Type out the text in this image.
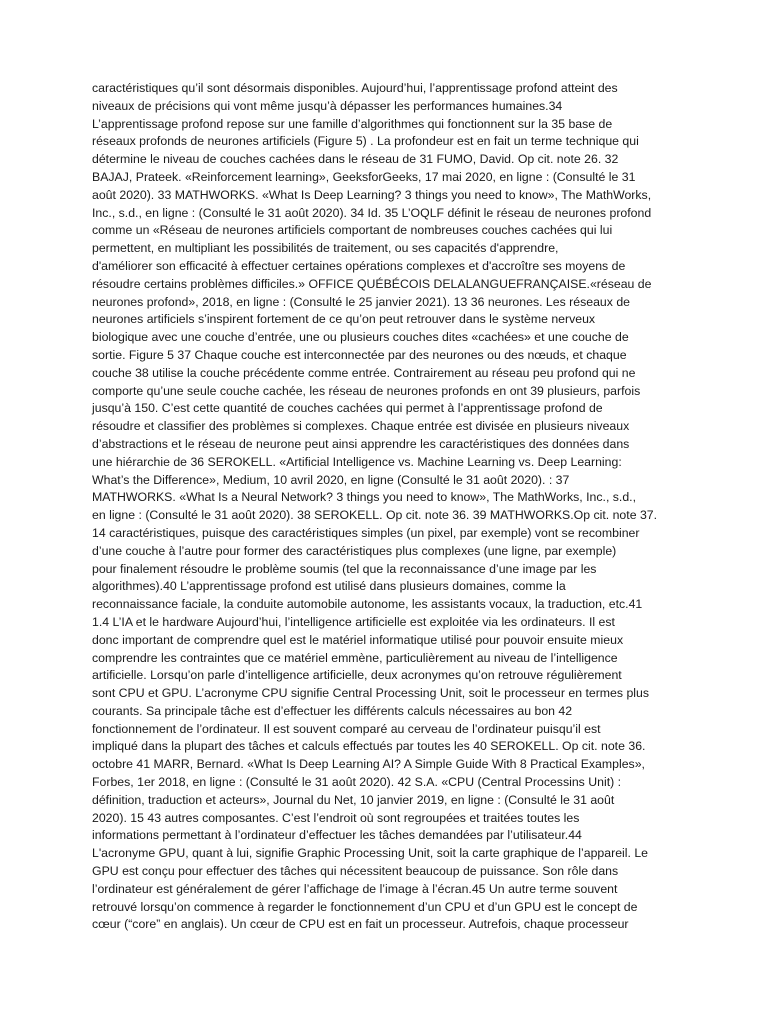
caractéristiques qu’il sont désormais disponibles. Aujourd’hui, l’apprentissage profond atteint des
niveaux de précisions qui vont même jusqu’à dépasser les performances humaines.34
L’apprentissage profond repose sur une famille d’algorithmes qui fonctionnent sur la 35 base de
réseaux profonds de neurones artificiels (Figure 5) . La profondeur est en fait un terme technique qui
détermine le niveau de couches cachées dans le réseau de 31 FUMO, David. Op cit. note 26. 32
BAJAJ, Prateek. «Reinforcement learning», GeeksforGeeks, 17 mai 2020, en ligne : (Consulté le 31
août 2020). 33 MATHWORKS. «What Is Deep Learning? 3 things you need to know», The MathWorks,
Inc., s.d., en ligne : (Consulté le 31 août 2020). 34 Id. 35 L’OQLF définit le réseau de neurones profond
comme un «Réseau de neurones artificiels comportant de nombreuses couches cachées qui lui
permettent, en multipliant les possibilités de traitement, ou ses capacités d'apprendre,
d'améliorer son efficacité à effectuer certaines opérations complexes et d'accroître ses moyens de
résoudre certains problèmes difficiles.» OFFICE QUÉBÉCOIS DELALANGUEFRANÇAISE.«réseau de
neurones profond», 2018, en ligne : (Consulté le 25 janvier 2021). 13 36 neurones. Les réseaux de
neurones artificiels s’inspirent fortement de ce qu’on peut retrouver dans le système nerveux
biologique avec une couche d’entrée, une ou plusieurs couches dites «cachées» et une couche de
sortie. Figure 5 37 Chaque couche est interconnectée par des neurones ou des nœuds, et chaque
couche 38 utilise la couche précédente comme entrée. Contrairement au réseau peu profond qui ne
comporte qu’une seule couche cachée, les réseau de neurones profonds en ont 39 plusieurs, parfois
jusqu’à 150. C’est cette quantité de couches cachées qui permet à l’apprentissage profond de
résoudre et classifier des problèmes si complexes. Chaque entrée est divisée en plusieurs niveaux
d’abstractions et le réseau de neurone peut ainsi apprendre les caractéristiques des données dans
une hiérarchie de 36 SEROKELL. «Artificial Intelligence vs. Machine Learning vs. Deep Learning:
What’s the Difference», Medium, 10 avril 2020, en ligne (Consulté le 31 août 2020). : 37
MATHWORKS. «What Is a Neural Network? 3 things you need to know», The MathWorks, Inc., s.d.,
en ligne : (Consulté le 31 août 2020). 38 SEROKELL. Op cit. note 36. 39 MATHWORKS.Op cit. note 37.
14 caractéristiques, puisque des caractéristiques simples (un pixel, par exemple) vont se recombiner
d’une couche à l’autre pour former des caractéristiques plus complexes (une ligne, par exemple)
pour finalement résoudre le problème soumis (tel que la reconnaissance d’une image par les
algorithmes).40 L’apprentissage profond est utilisé dans plusieurs domaines, comme la
reconnaissance faciale, la conduite automobile autonome, les assistants vocaux, la traduction, etc.41
1.4 L’IA et le hardware Aujourd’hui, l’intelligence artificielle est exploitée via les ordinateurs. Il est
donc important de comprendre quel est le matériel informatique utilisé pour pouvoir ensuite mieux
comprendre les contraintes que ce matériel emmène, particulièrement au niveau de l’intelligence
artificielle. Lorsqu’on parle d’intelligence artificielle, deux acronymes qu’on retrouve régulièrement
sont CPU et GPU. L’acronyme CPU signifie Central Processing Unit, soit le processeur en termes plus
courants. Sa principale tâche est d’effectuer les différents calculs nécessaires au bon 42
fonctionnement de l’ordinateur. Il est souvent comparé au cerveau de l’ordinateur puisqu’il est
impliqué dans la plupart des tâches et calculs effectués par toutes les 40 SEROKELL. Op cit. note 36.
octobre 41 MARR, Bernard. «What Is Deep Learning AI? A Simple Guide With 8 Practical Examples»,
Forbes, 1er 2018, en ligne : (Consulté le 31 août 2020). 42 S.A. «CPU (Central Processins Unit) :
définition, traduction et acteurs», Journal du Net, 10 janvier 2019, en ligne : (Consulté le 31 août
2020). 15 43 autres composantes. C’est l’endroit où sont regroupées et traitées toutes les
informations permettant à l’ordinateur d’effectuer les tâches demandées par l’utilisateur.44
L'acronyme GPU, quant à lui, signifie Graphic Processing Unit, soit la carte graphique de l’appareil. Le
GPU est conçu pour effectuer des tâches qui nécessitent beaucoup de puissance. Son rôle dans
l’ordinateur est généralement de gérer l’affichage de l’image à l’écran.45 Un autre terme souvent
retrouvé lorsqu’on commence à regarder le fonctionnement d’un CPU et d’un GPU est le concept de
cœur (“core” en anglais). Un cœur de CPU est en fait un processeur. Autrefois, chaque processeur
